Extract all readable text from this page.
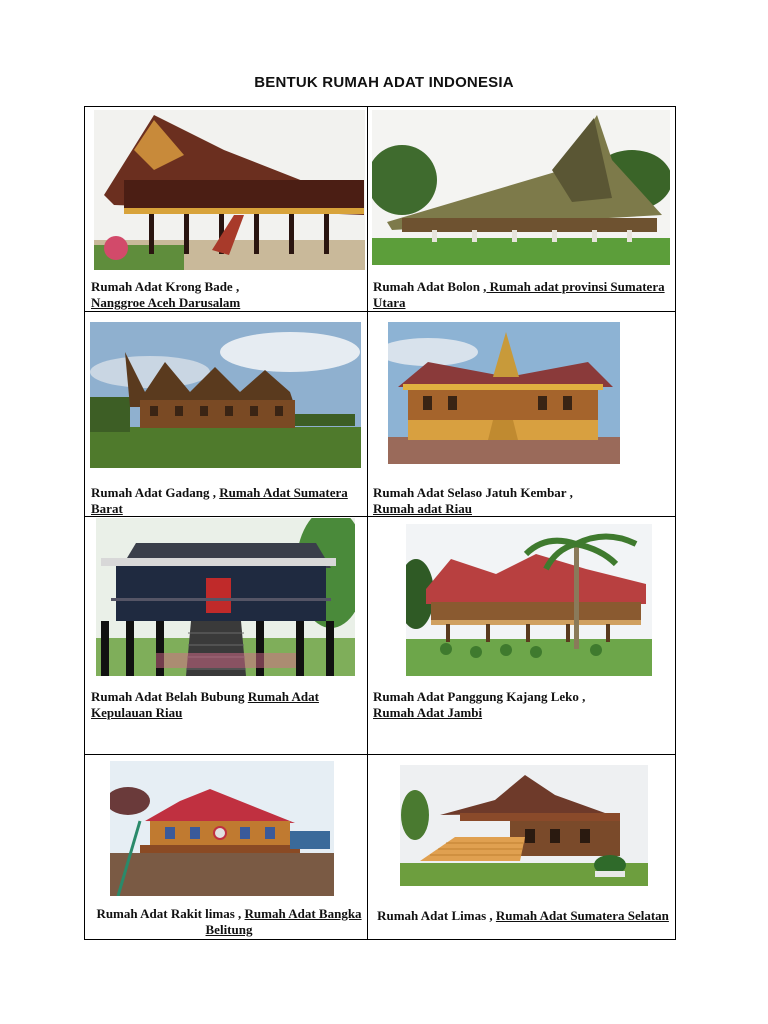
BENTUK RUMAH ADAT INDONESIA
Rumah Adat Krong Bade ,
Nanggroe Aceh Darusalam
Rumah Adat Bolon , Rumah adat provinsi Sumatera Utara
Rumah Adat Gadang , Rumah Adat Sumatera Barat
Rumah Adat Selaso Jatuh Kembar ,
Rumah adat Riau
Rumah Adat Belah Bubung Rumah Adat Kepulauan Riau
Rumah Adat Panggung Kajang Leko ,
Rumah Adat Jambi
Rumah Adat Rakit limas , Rumah Adat Bangka Belitung
Rumah Adat Limas , Rumah Adat Sumatera Selatan
